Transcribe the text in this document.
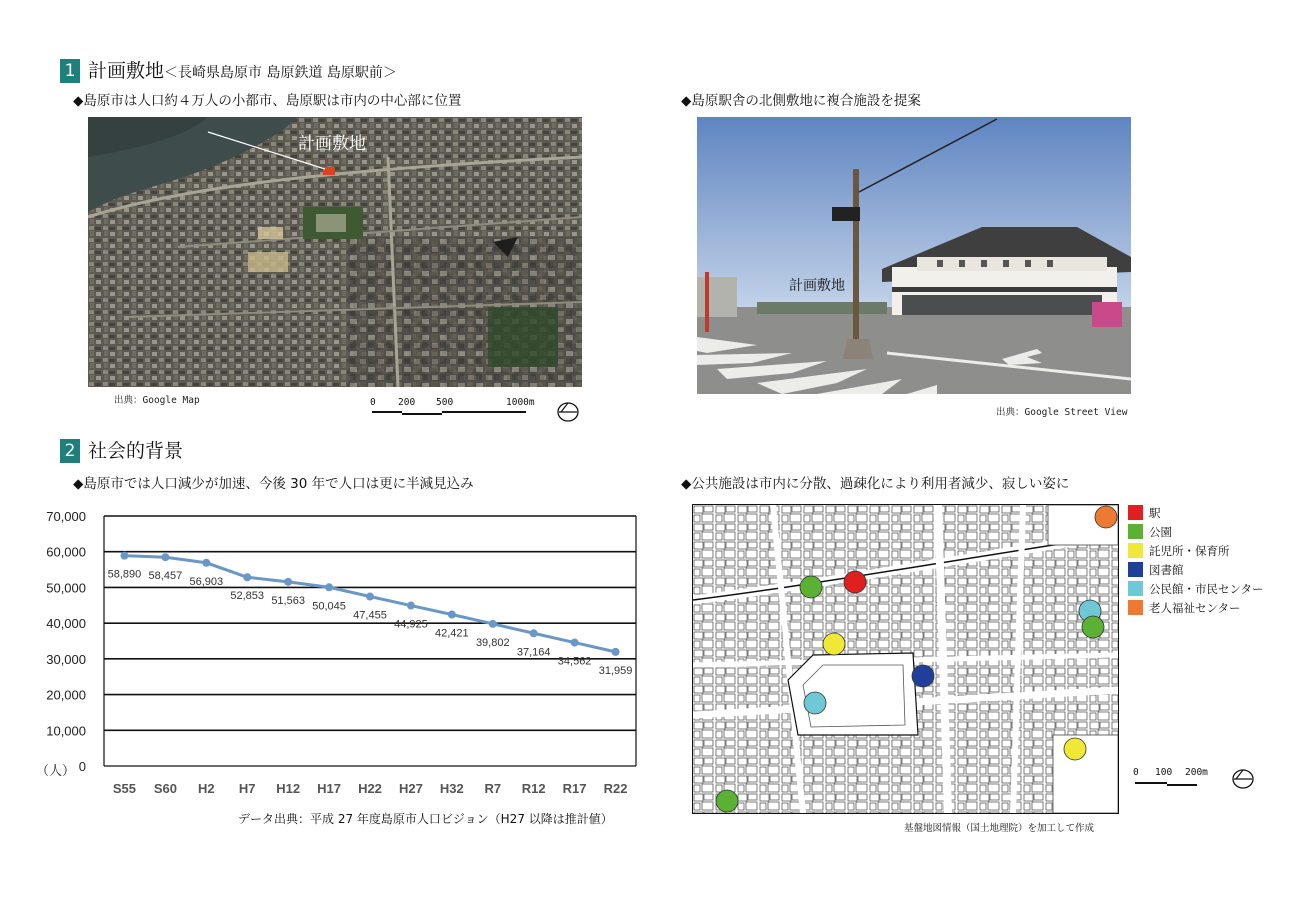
1 計画敷地＜長崎県島原市 島原鉄道 島原駅前＞
◆島原市は人口約４万人の小都市、島原駅は市内の中心部に位置	◆島原駅舎の北側敷地に複合施設を提案
計画敷地
出典：Google Map	0 200 500	1000m
計画敷地
出典：Google Street View
2 社会的背景
◆島原市では人口減少が加速、今後 30 年で人口は更に半減見込み	◆公共施設は市内に分散、過疎化により利用者減少、寂しい姿に
0
10,000
20,000
30,000
40,000
50,000
60,000
70,000
（人）
S55 S60 H2 H7 H12 H17 H22 H27 H32 R7 R12 R17 R22
58,890 58,457 56,903
52,853 51,563 50,045
47,455
44,925
42,421
39,802
37,164
34,562
31,959
データ出典：平成 27 年度島原市人口ビジョン（H27 以降は推計値）
基盤地図情報（国土地理院）を加工して作成
駅
公園
託児所・保育所
図書館
公民館・市民センター
老人福祉センター
0 100 200m
